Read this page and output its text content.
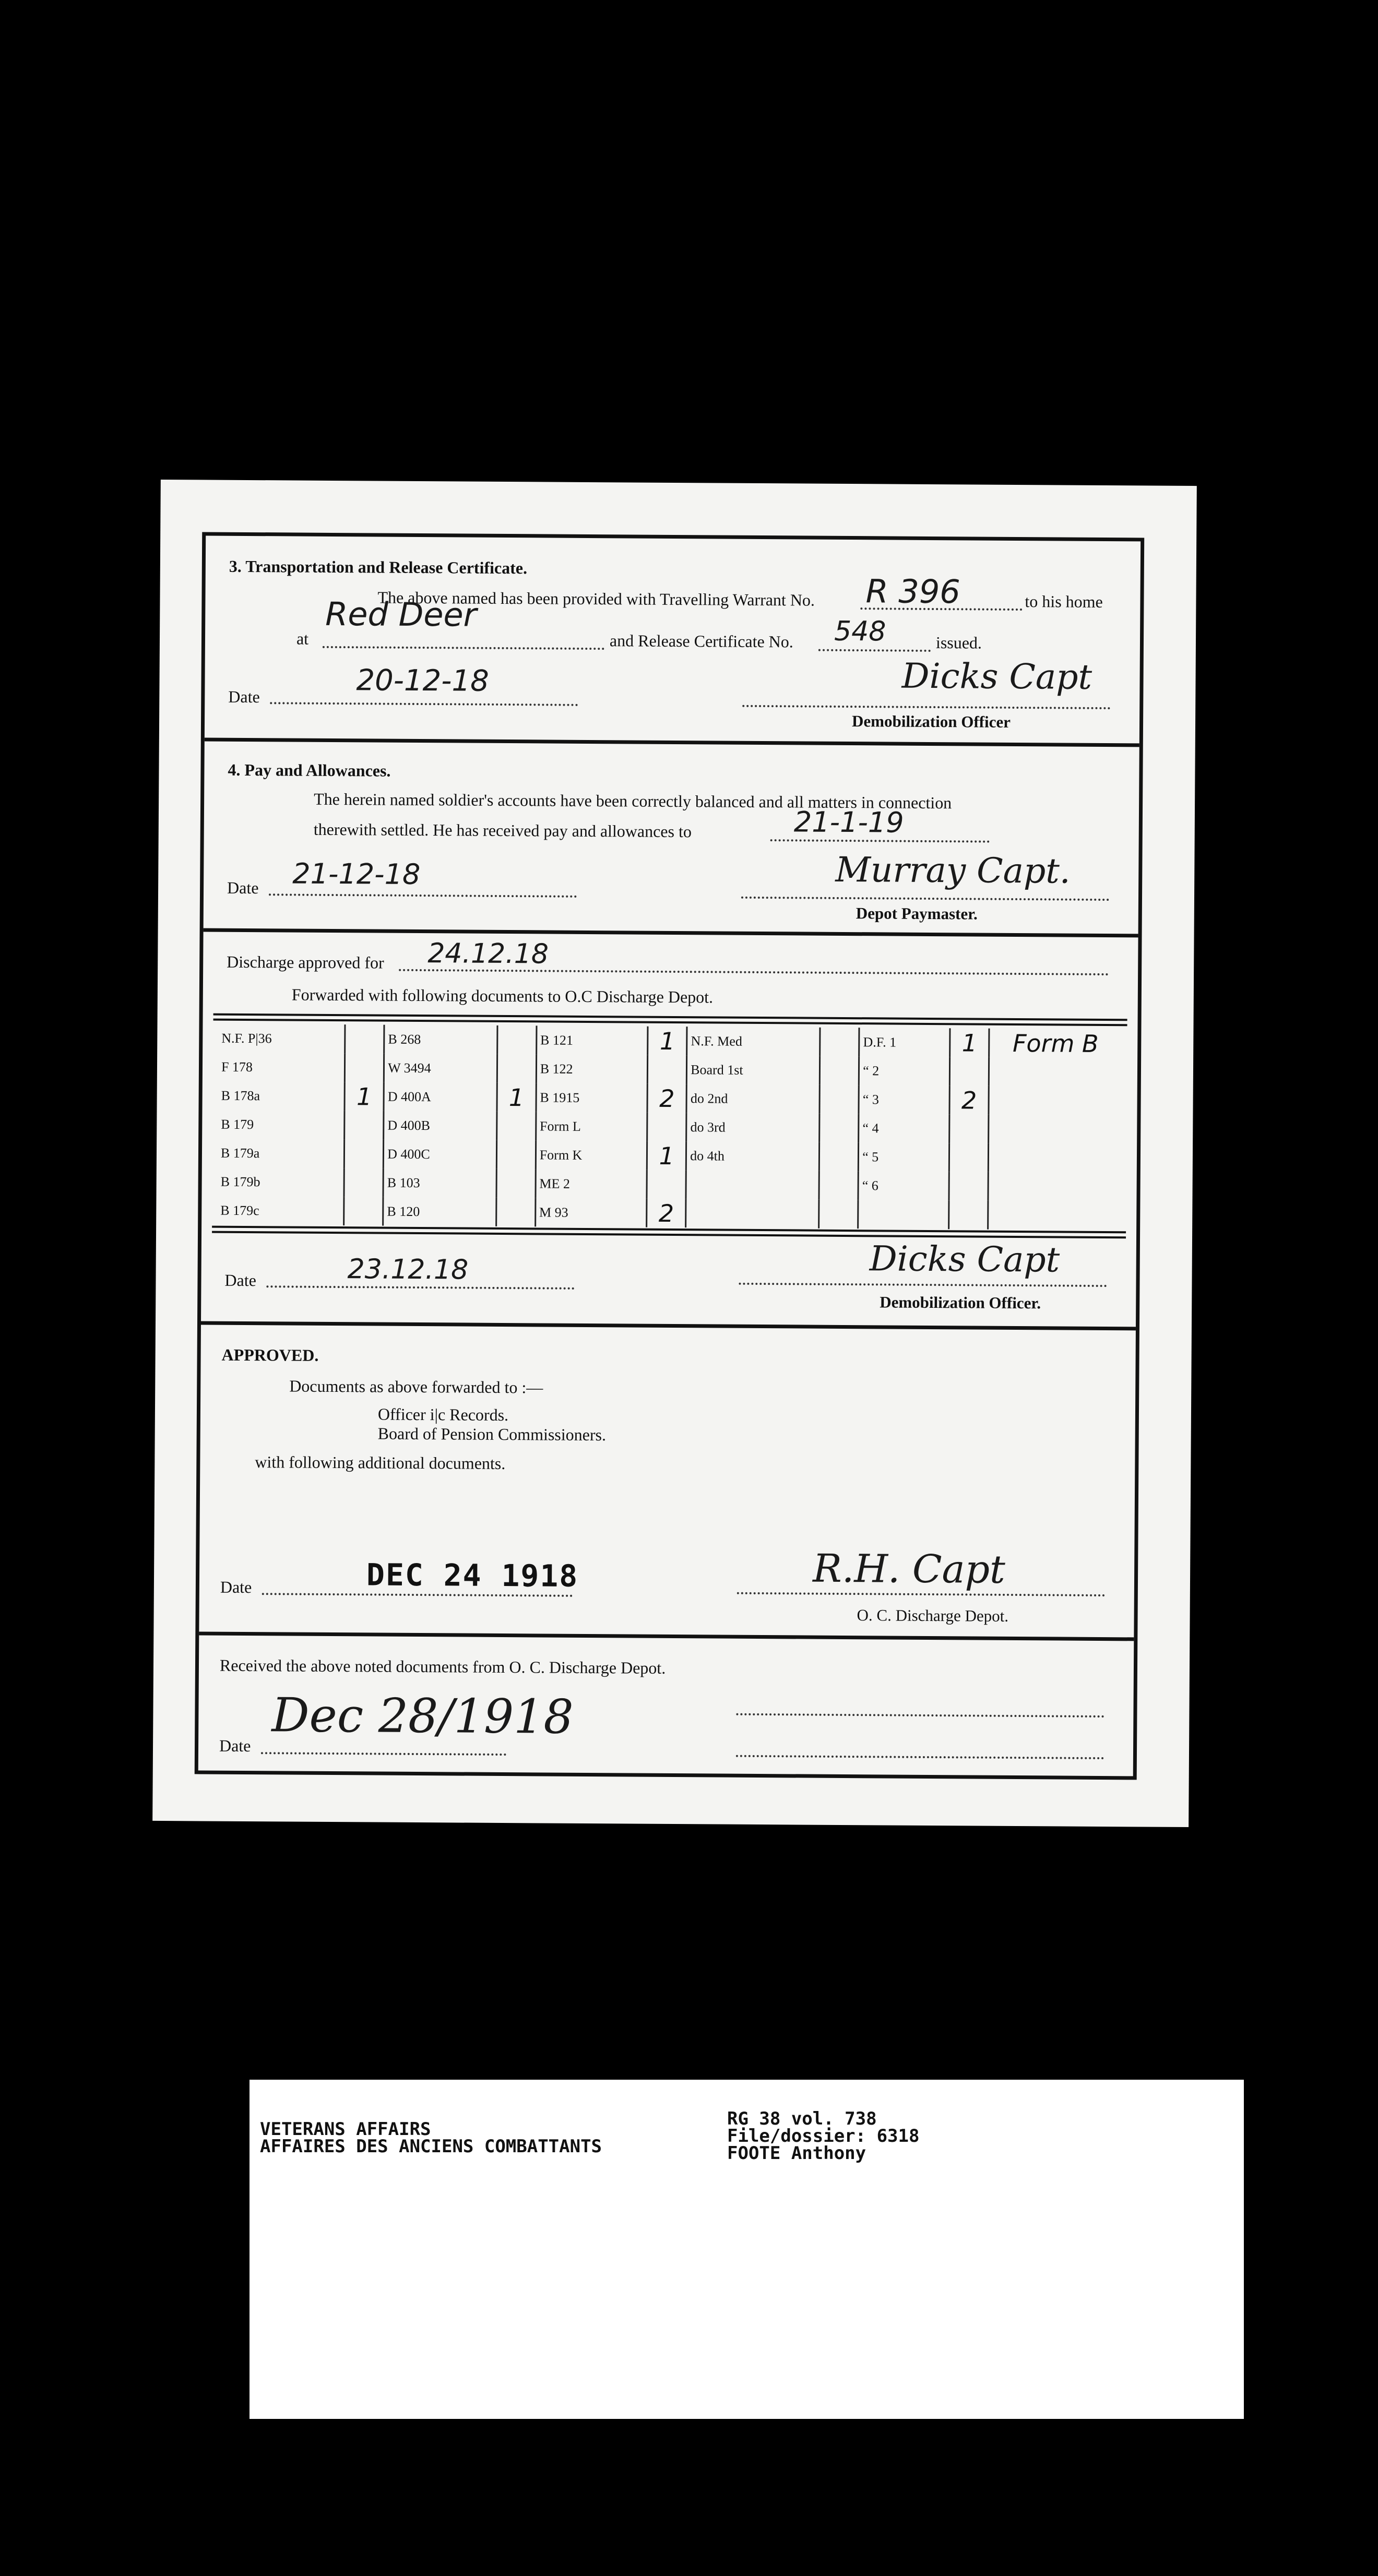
3. Transportation and Release Certificate.
The above named has been provided with Travelling Warrant No. R 396	to his home
at
Red Deer
and Release Certificate No. 548	issued.
Date	20-12-18	Dicks Capt
Demobilization Officer
4. Pay and Allowances.
The herein named soldier's accounts have been correctly balanced and all matters in connection
therewith settled. He has received pay and allowances to	21-1-19
Date 21-12-18	Murray Capt.
Depot Paymaster.
Discharge approved for 24.12.18
Forwarded with following documents to O.C Discharge Depot.
N.F. P|36		B 268		B 121	1	N.F. Med		D.F. 1	1	Form B
F 178		W 3494		B 122		Board 1st		“ 2		
B 178a	1	D 400A	1	B 1915	2	do 2nd		“ 3	2	
B 179		D 400B		Form L		do 3rd		“ 4		
B 179a		D 400C		Form K	1	do 4th		“ 5		
B 179b		B 103		ME 2				“ 6		
B 179c		B 120		M 93	2					
Date	23.12.18	Dicks Capt
Demobilization Officer.
APPROVED.
Documents as above forwarded to :—
Officer i|c Records.
Board of Pension Commissioners.
with following additional documents.
Date	DEC 24 1918	R.H. Capt
O. C. Discharge Depot.
Received the above noted documents from O. C. Discharge Depot.
Date
Dec 28/1918
VETERANS AFFAIRS
AFFAIRES DES ANCIENS COMBATTANTS
RG 38 vol. 738
File/dossier: 6318
FOOTE Anthony
